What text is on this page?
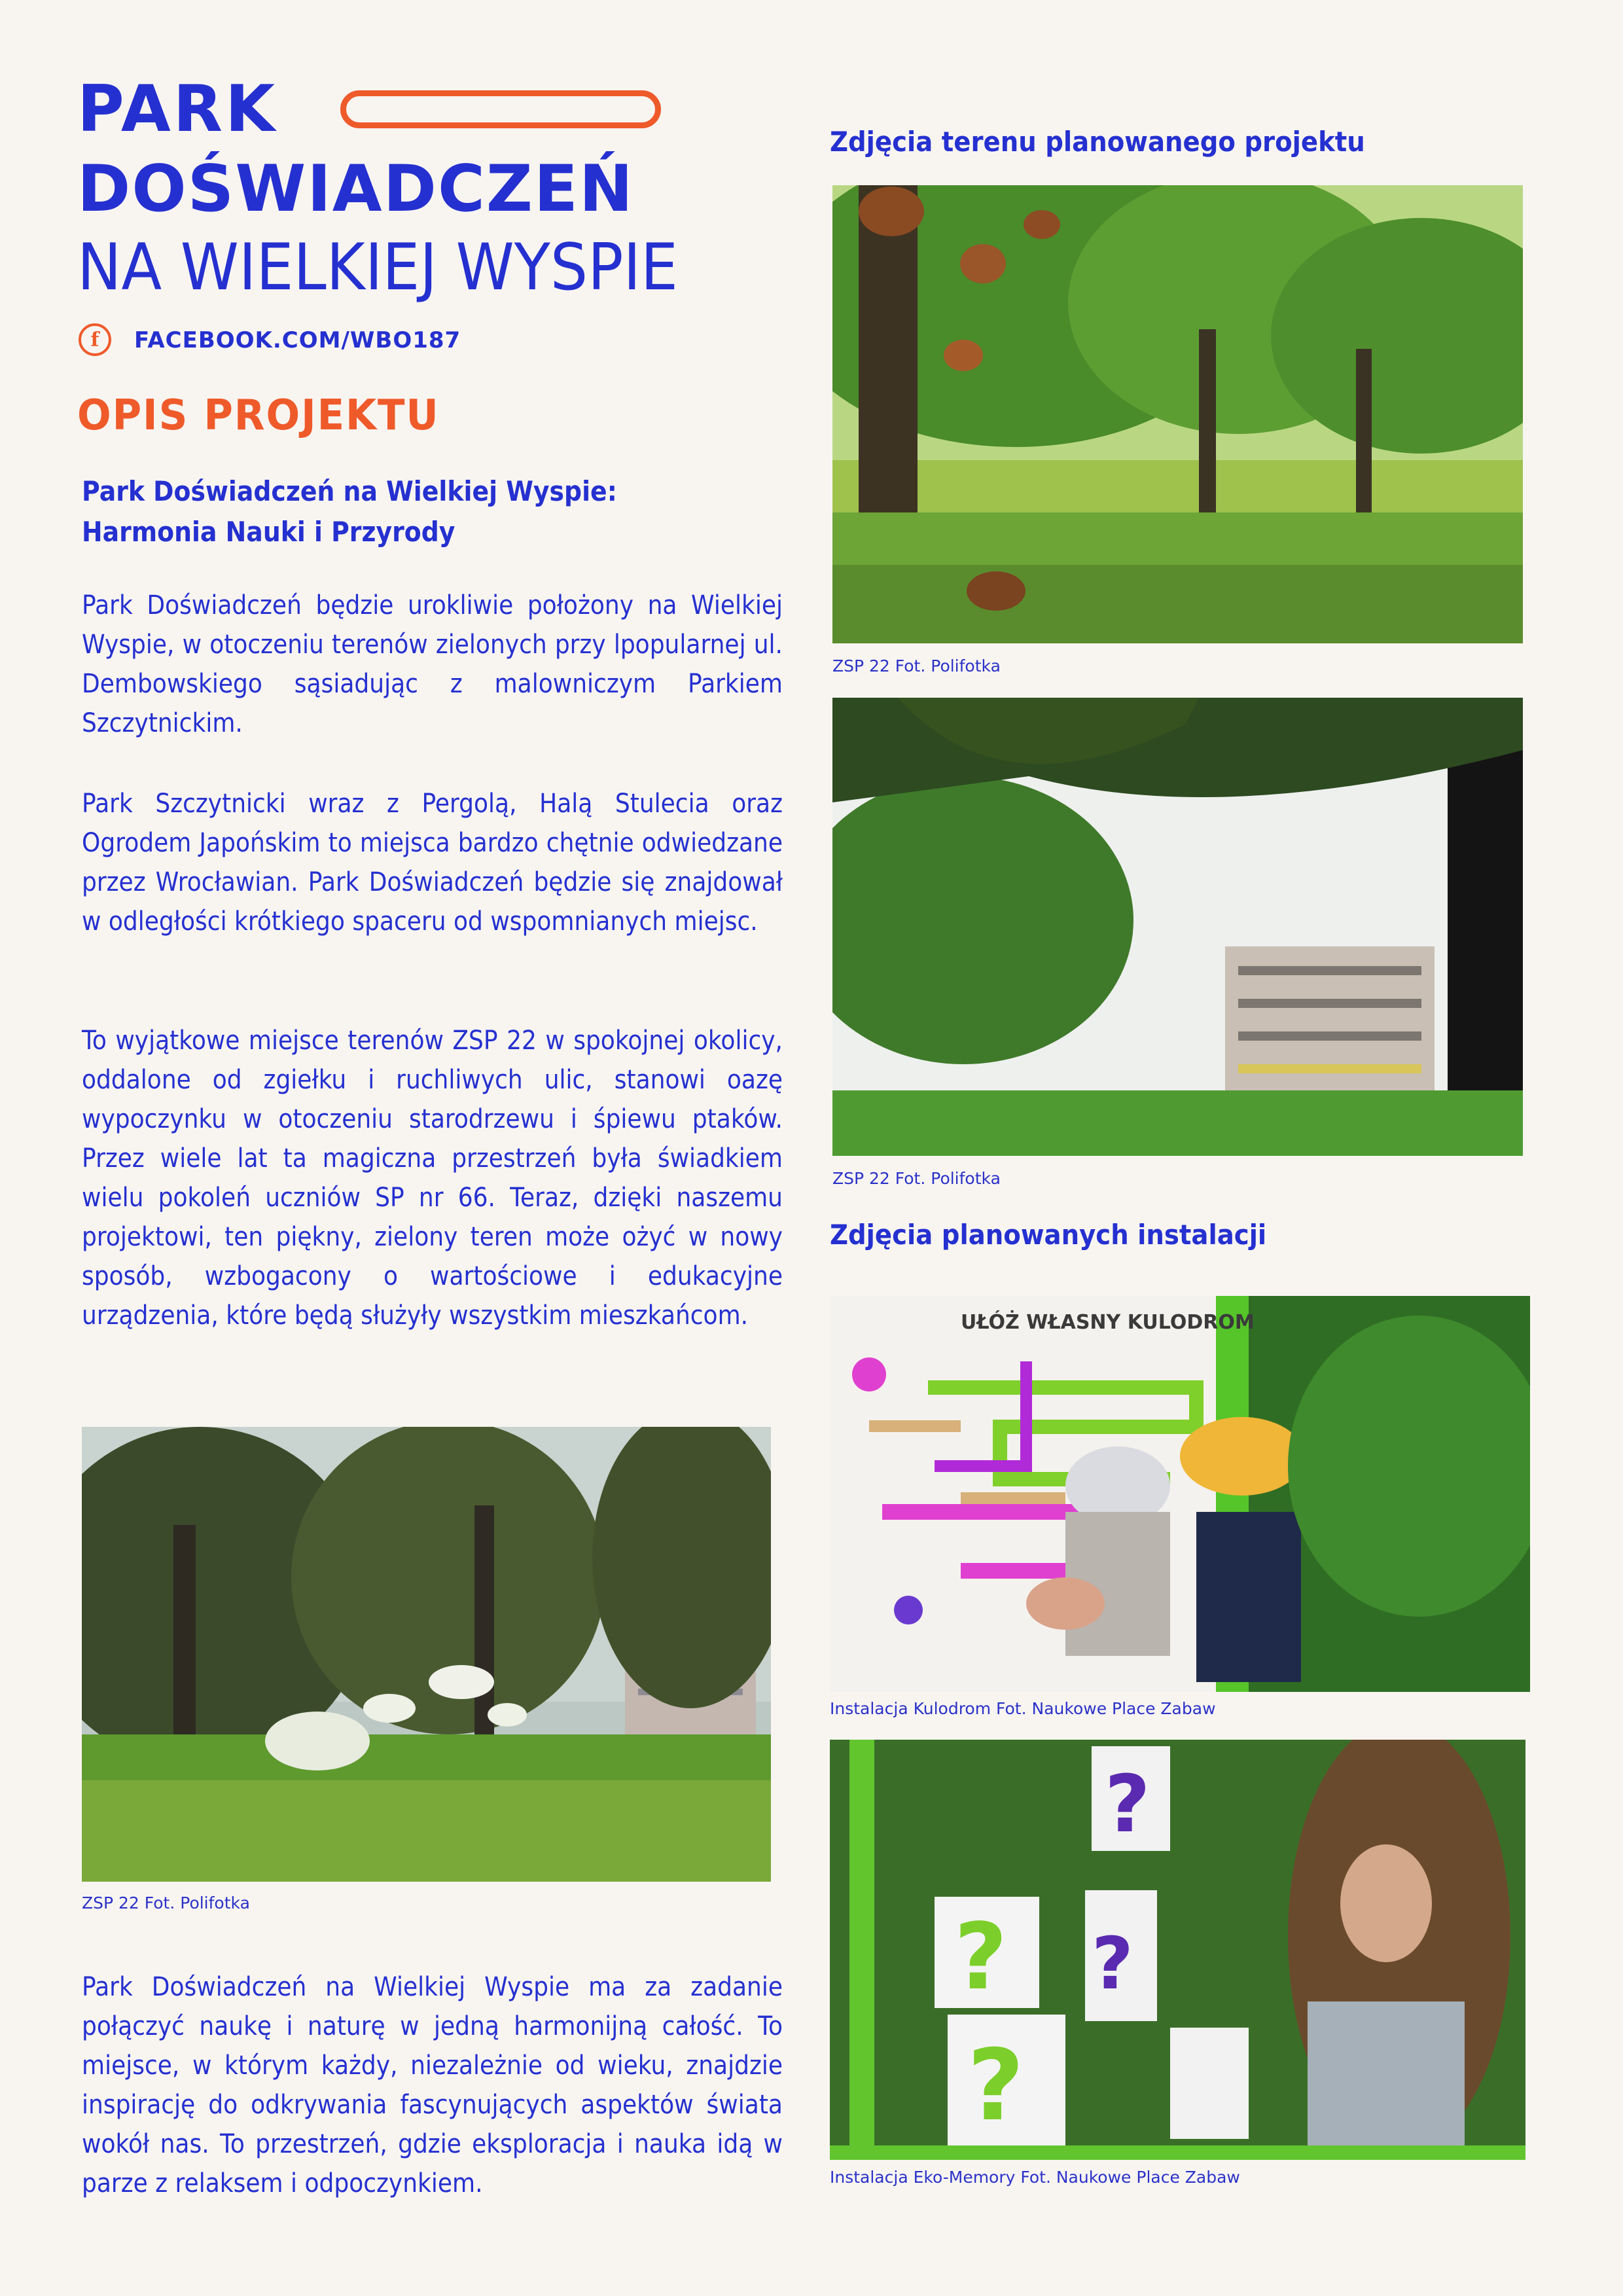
PARK
DOŚWIADCZEŃ
NA WIELKIEJ WYSPIE
f	FACEBOOK.COM/WBO187
OPIS PROJEKTU
Park Doświadczeń na Wielkiej Wyspie:
Harmonia Nauki i Przyrody
Park Doświadczeń będzie urokliwie położony na Wielkiej Wyspie, w otoczeniu terenów zielonych przy lpopularnej ul. Dembowskiego sąsiadując z malowniczym Parkiem Szczytnickim.
Park Szczytnicki wraz z Pergolą, Halą Stulecia oraz Ogrodem Japońskim to miejsca bardzo chętnie odwiedzane przez Wrocławian. Park Doświadczeń będzie się znajdował w odległości krótkiego spaceru od wspomnianych miejsc.
To wyjątkowe miejsce terenów ZSP 22 w spokojnej okolicy, oddalone od zgiełku i ruchliwych ulic, stanowi oazę wypoczynku w otoczeniu starodrzewu i śpiewu ptaków. Przez wiele lat ta magiczna przestrzeń była świadkiem wielu pokoleń uczniów SP nr 66. Teraz, dzięki naszemu projektowi, ten piękny, zielony teren może ożyć w nowy sposób, wzbogacony o wartościowe i edukacyjne urządzenia, które będą służyły wszystkim mieszkańcom.
ZSP 22 Fot. Polifotka
Park Doświadczeń na Wielkiej Wyspie ma za zadanie połączyć naukę i naturę w jedną harmonijną całość. To miejsce, w którym każdy, niezależnie od wieku, znajdzie inspirację do odkrywania fascynujących aspektów świata wokół nas. To przestrzeń, gdzie eksploracja i nauka idą w parze z relaksem i odpoczynkiem.
Zdjęcia terenu planowanego projektu
ZSP 22 Fot. Polifotka
ZSP 22 Fot. Polifotka
Zdjęcia planowanych instalacji
UŁÓŻ WŁASNY KULODROM
Instalacja Kulodrom Fot. Naukowe Place Zabaw
?
?
?
?
Instalacja Eko-Memory Fot. Naukowe Place Zabaw
